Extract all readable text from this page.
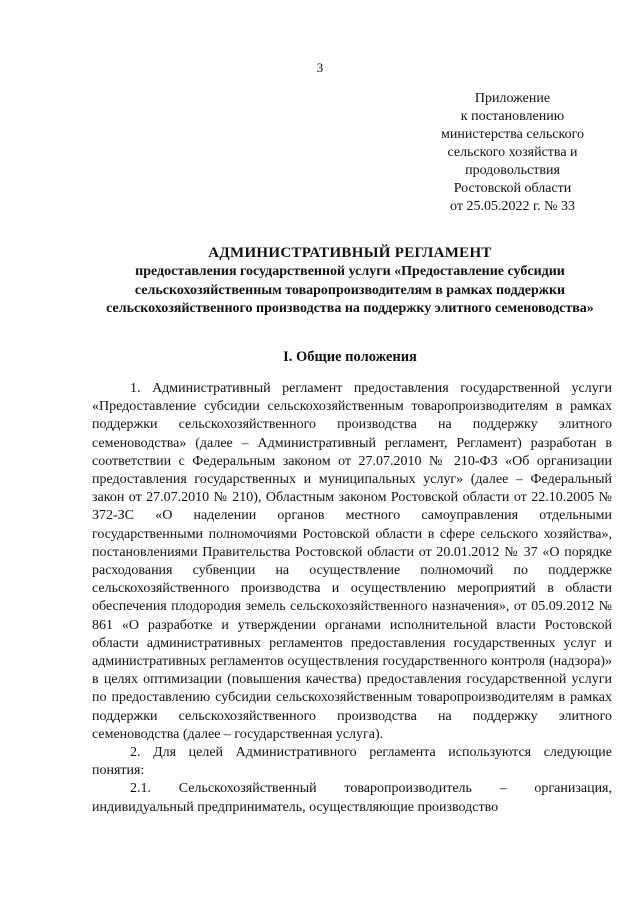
3
Приложение
к постановлению
министерства сельского
сельского хозяйства и
продовольствия
Ростовской области
от 25.05.2022 г. № 33
АДМИНИСТРАТИВНЫЙ РЕГЛАМЕНТ
предоставления государственной услуги «Предоставление субсидии сельскохозяйственным товаропроизводителям в рамках поддержки сельскохозяйственного производства на поддержку элитного семеноводства»
I. Общие положения

1. Административный регламент предоставления государственной услуги «Предоставление субсидии сельскохозяйственным товаропроизводителям в рамках поддержки сельскохозяйственного производства на поддержку элитного семеноводства» (далее – Административный регламент, Регламент) разработан в соответствии с Федеральным законом от 27.07.2010 № 210-ФЗ «Об организации предоставления государственных и муниципальных услуг» (далее – Федеральный закон от 27.07.2010 № 210), Областным законом Ростовской области от 22.10.2005 № 372-ЗС «О наделении органов местного самоуправления отдельными государственными полномочиями Ростовской области в сфере сельского хозяйства», постановлениями Правительства Ростовской области от 20.01.2012 № 37 «О порядке расходования субвенции на осуществление полномочий по поддержке сельскохозяйственного производства и осуществлению мероприятий в области обеспечения плодородия земель сельскохозяйственного назначения», от 05.09.2012 № 861 «О разработке и утверждении органами исполнительной власти Ростовской области административных регламентов предоставления государственных услуг и административных регламентов осуществления государственного контроля (надзора)» в целях оптимизации (повышения качества) предоставления государственной услуги по предоставлению субсидии сельскохозяйственным товаропроизводителям в рамках поддержки сельскохозяйственного производства на поддержку элитного семеноводства (далее – государственная услуга).

2. Для целей Административного регламента используются следующие понятия:

2.1. Сельскохозяйственный товаропроизводитель – организация, индивидуальный предприниматель, осуществляющие производство
